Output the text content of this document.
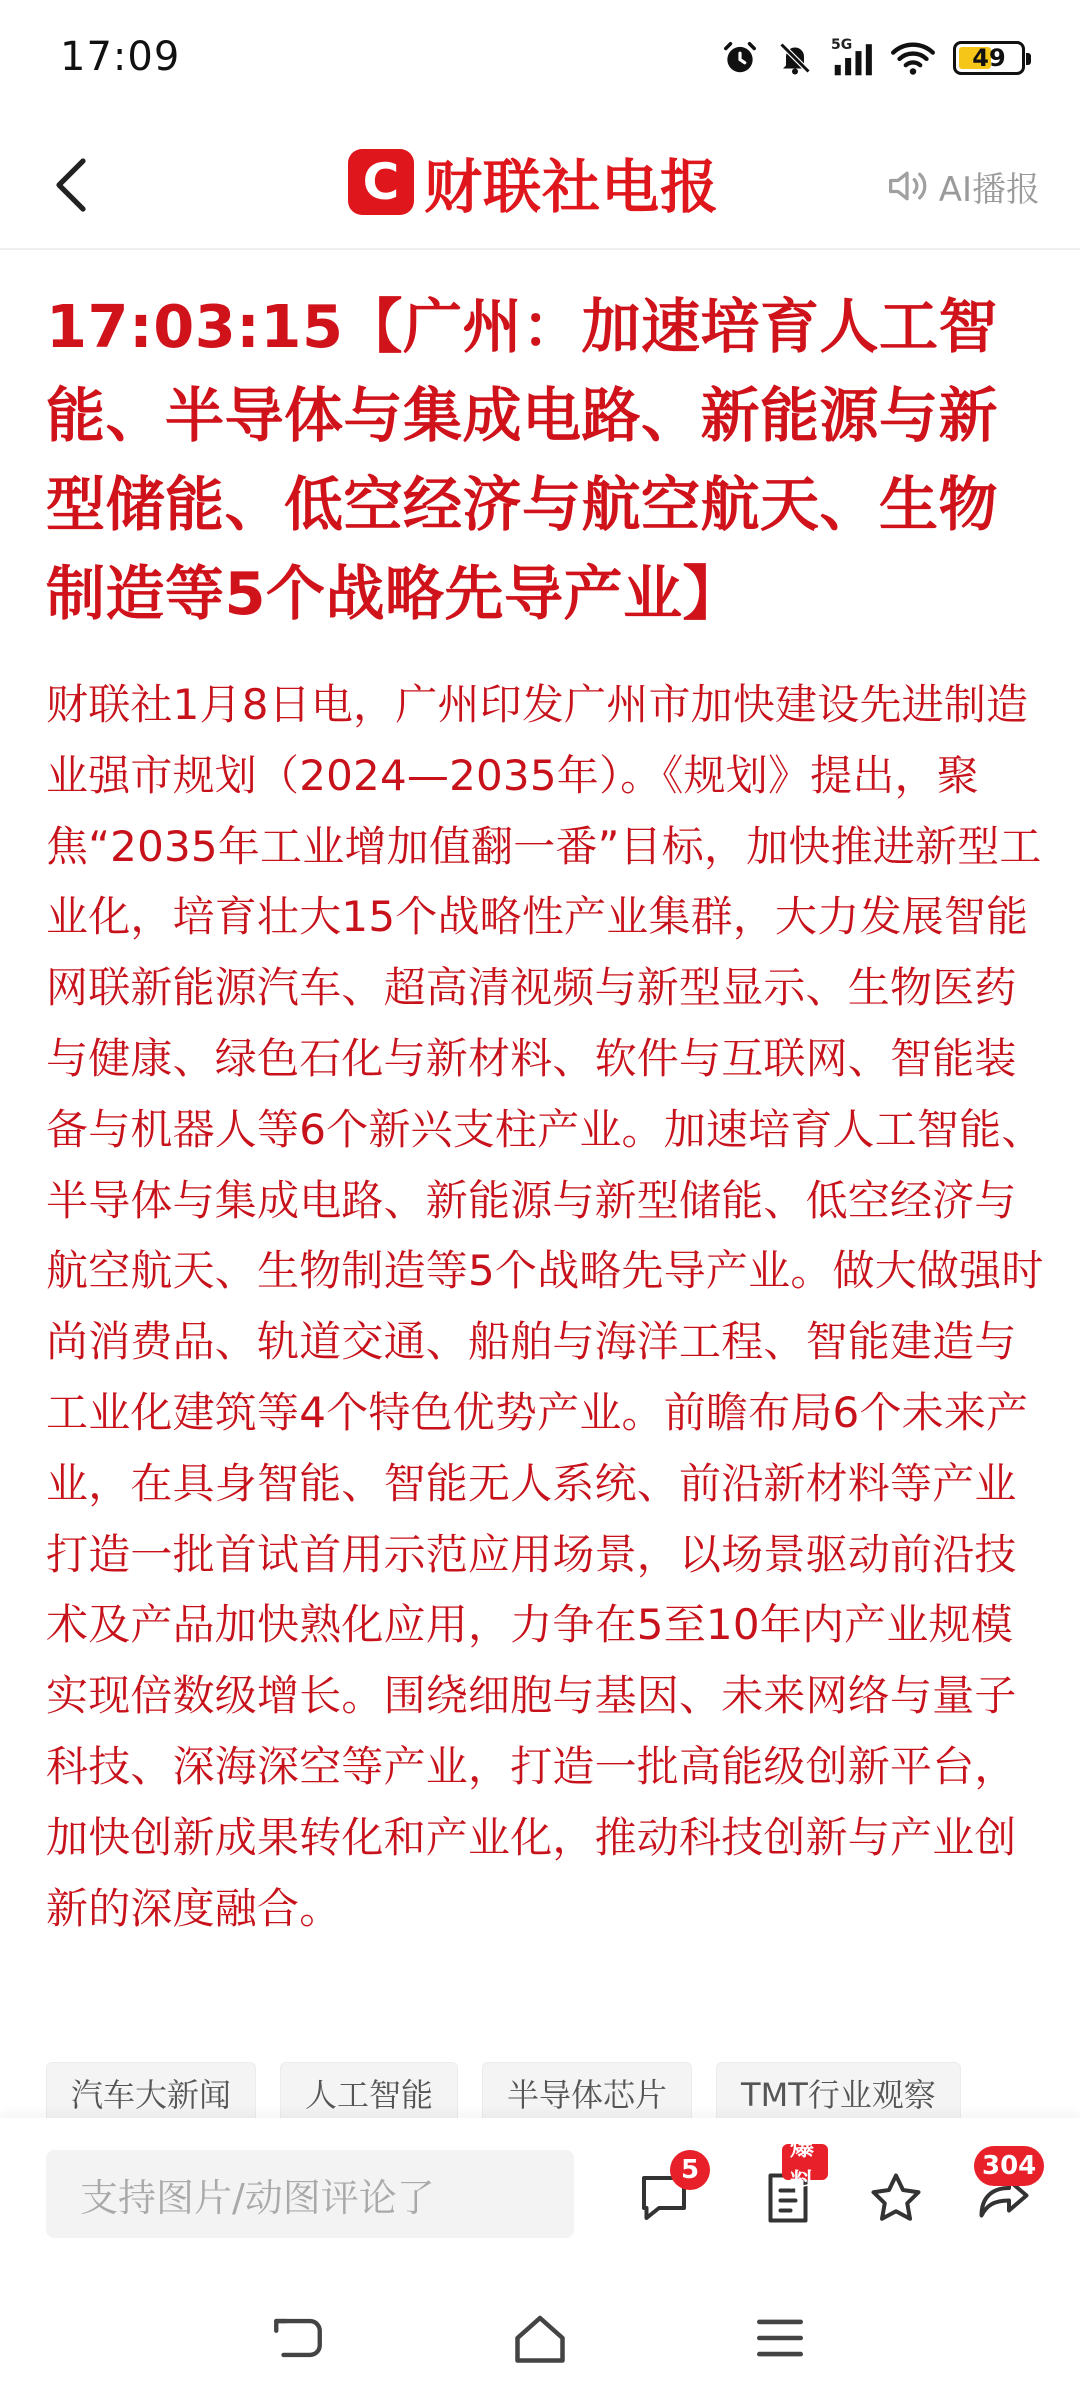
17:09	5G	49
C 财联社电报	AI播报
17:03:15【广州：加速培育人工智能、半导体与集成电路、新能源与新型储能、低空经济与航空航天、生物制造等5个战略先导产业】
财联社1月8日电，广州印发广州市加快建设先进制造业强市规划（2024—2035年）。《规划》提出，聚焦“2035年工业增加值翻一番”目标，加快推进新型工业化，培育壮大15个战略性产业集群，大力发展智能网联新能源汽车、超高清视频与新型显示、生物医药与健康、绿色石化与新材料、软件与互联网、智能装备与机器人等6个新兴支柱产业。加速培育人工智能、半导体与集成电路、新能源与新型储能、低空经济与航空航天、生物制造等5个战略先导产业。做大做强时尚消费品、轨道交通、船舶与海洋工程、智能建造与工业化建筑等4个特色优势产业。前瞻布局6个未来产业，在具身智能、智能无人系统、前沿新材料等产业打造一批首试首用示范应用场景，以场景驱动前沿技术及产品加快熟化应用，力争在5至10年内产业规模实现倍数级增长。围绕细胞与基因、未来网络与量子科技、深海深空等产业，打造一批高能级创新平台，加快创新成果转化和产业化，推动科技创新与产业创新的深度融合。
汽车大新闻	人工智能	半导体芯片	TMT行业观察
支持图片/动图评论了
5
爆料
304
